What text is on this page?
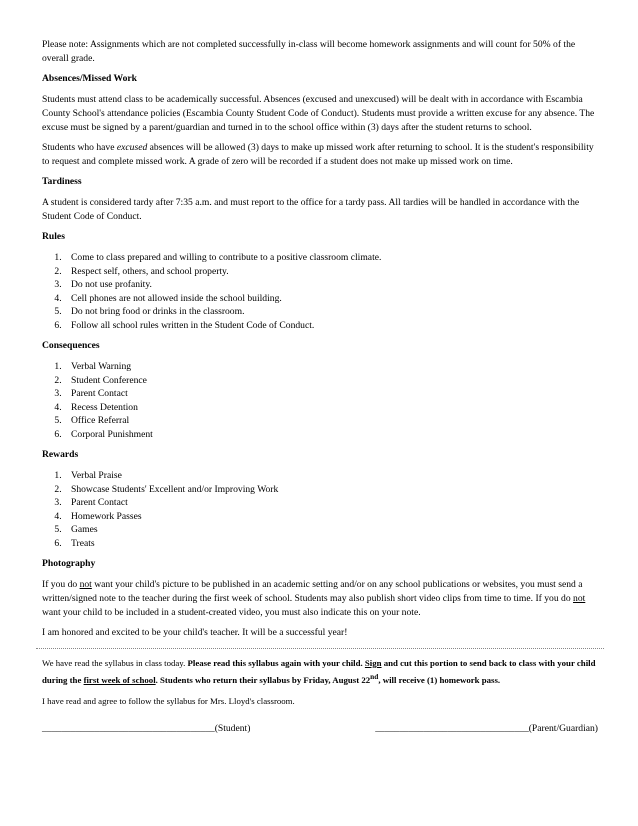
Please note: Assignments which are not completed successfully in-class will become homework assignments and will count for 50% of the overall grade.

Absences/Missed Work

Students must attend class to be academically successful. Absences (excused and unexcused) will be dealt with in accordance with Escambia County School's attendance policies (Escambia County Student Code of Conduct). Students must provide a written excuse for any absence. The excuse must be signed by a parent/guardian and turned in to the school office within (3) days after the student returns to school.

Students who have excused absences will be allowed (3) days to make up missed work after returning to school. It is the student's responsibility to request and complete missed work. A grade of zero will be recorded if a student does not make up missed work on time.

Tardiness

A student is considered tardy after 7:35 a.m. and must report to the office for a tardy pass. All tardies will be handled in accordance with the Student Code of Conduct.

Rules
1. Come to class prepared and willing to contribute to a positive classroom climate.
2. Respect self, others, and school property.
3. Do not use profanity.
4. Cell phones are not allowed inside the school building.
5. Do not bring food or drinks in the classroom.
6. Follow all school rules written in the Student Code of Conduct.
Consequences
1. Verbal Warning
2. Student Conference
3. Parent Contact
4. Recess Detention
5. Office Referral
6. Corporal Punishment
Rewards
1. Verbal Praise
2. Showcase Students' Excellent and/or Improving Work
3. Parent Contact
4. Homework Passes
5. Games
6. Treats
Photography

If you do not want your child's picture to be published in an academic setting and/or on any school publications or websites, you must send a written/signed note to the teacher during the first week of school. Students may also publish short video clips from time to time. If you do not want your child to be included in a student-created video, you must also indicate this on your note.

I am honored and excited to be your child's teacher. It will be a successful year!

We have read the syllabus in class today. Please read this syllabus again with your child. Sign and cut this portion to send back to class with your child during the first week of school. Students who return their syllabus by Friday, August 22nd, will receive (1) homework pass.

I have read and agree to follow the syllabus for Mrs. Lloyd's classroom.

____________________________________(Student)	________________________________(Parent/Guardian)
